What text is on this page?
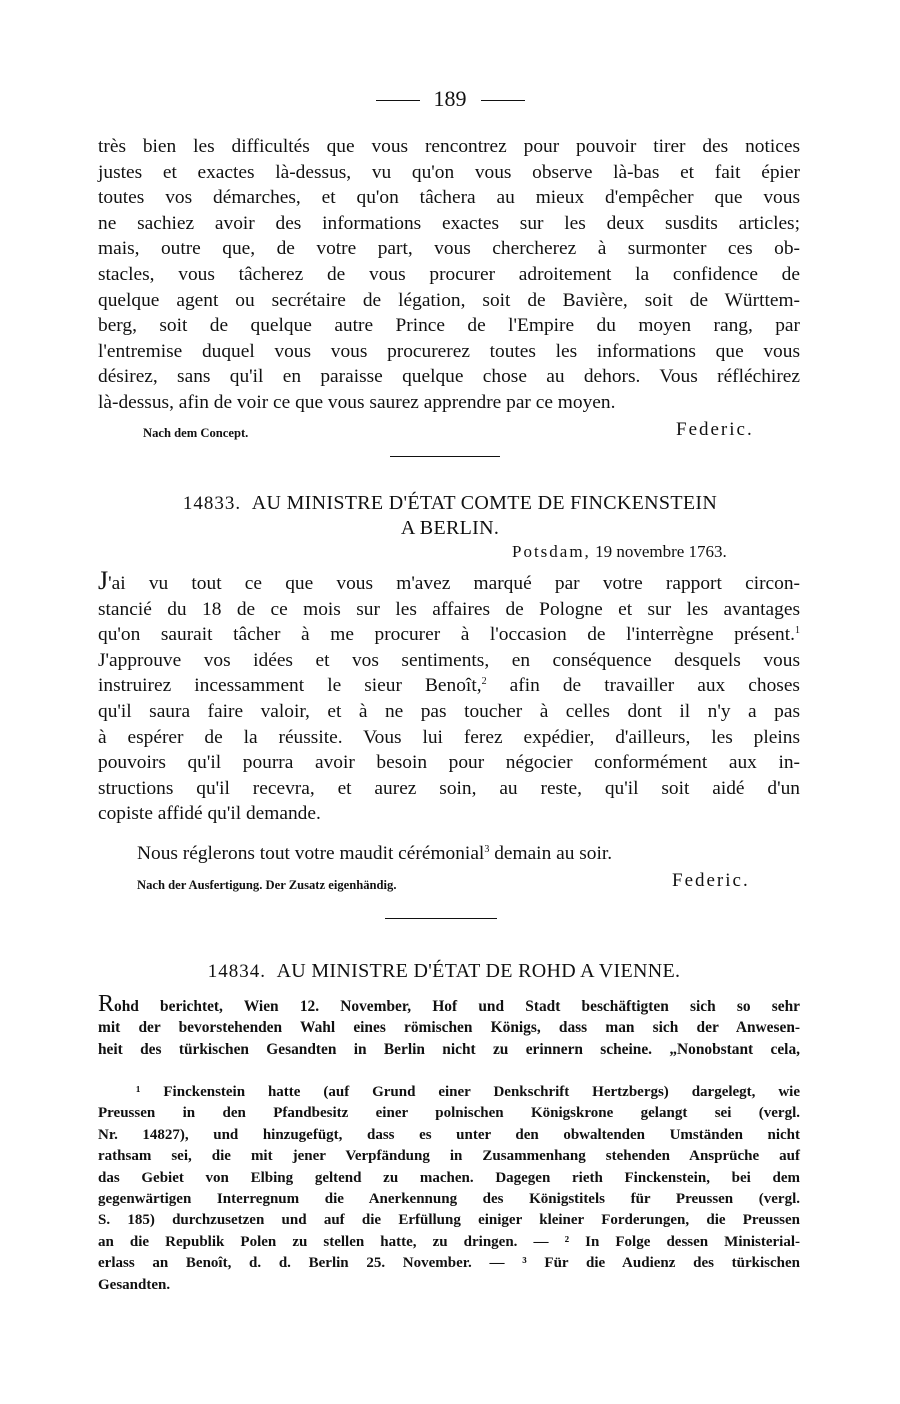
189
très bien les difficultés que vous rencontrez pour pouvoir tirer des notices
justes et exactes là-dessus, vu qu'on vous observe là-bas et fait épier
toutes vos démarches, et qu'on tâchera au mieux d'empêcher que vous
ne sachiez avoir des informations exactes sur les deux susdits articles;
mais, outre que, de votre part, vous chercherez à surmonter ces ob-
stacles, vous tâcherez de vous procurer adroitement la confidence de
quelque agent ou secrétaire de légation, soit de Bavière, soit de Württem-
berg, soit de quelque autre Prince de l'Empire du moyen rang, par
l'entremise duquel vous vous procurerez toutes les informations que vous
désirez, sans qu'il en paraisse quelque chose au dehors. Vous réfléchirez
là-dessus, afin de voir ce que vous saurez apprendre par ce moyen.
Nach dem Concept.	Federic.
14833. AU MINISTRE D'ÉTAT COMTE DE FINCKENSTEIN
A BERLIN.
Potsdam, 19 novembre 1763.
J'ai vu tout ce que vous m'avez marqué par votre rapport circon-
stancié du 18 de ce mois sur les affaires de Pologne et sur les avantages
qu'on saurait tâcher à me procurer à l'occasion de l'interrègne présent.$^1$
J'approuve vos idées et vos sentiments, en conséquence desquels vous
instruirez incessamment le sieur Benoît,$^2$ afin de travailler aux choses
qu'il saura faire valoir, et à ne pas toucher à celles dont il n'y a pas
à espérer de la réussite. Vous lui ferez expédier, d'ailleurs, les pleins
pouvoirs qu'il pourra avoir besoin pour négocier conformément aux in-
structions qu'il recevra, et aurez soin, au reste, qu'il soit aidé d'un
copiste affidé qu'il demande.
Nous réglerons tout votre maudit cérémonial$^3$ demain au soir.
Nach der Ausfertigung. Der Zusatz eigenhändig.	Federic.
14834. AU MINISTRE D'ÉTAT DE ROHD A VIENNE.
Rohd berichtet, Wien 12. November, Hof und Stadt beschäftigten sich so sehr
mit der bevorstehenden Wahl eines römischen Königs, dass man sich der Anwesen-
heit des türkischen Gesandten in Berlin nicht zu erinnern scheine. „Nonobstant cela,
¹ Finckenstein hatte (auf Grund einer Denkschrift Hertzbergs) dargelegt, wie
Preussen in den Pfandbesitz einer polnischen Königskrone gelangt sei (vergl.
Nr. 14827), und hinzugefügt, dass es unter den obwaltenden Umständen nicht
rathsam sei, die mit jener Verpfändung in Zusammenhang stehenden Ansprüche auf
das Gebiet von Elbing geltend zu machen. Dagegen rieth Finckenstein, bei dem
gegenwärtigen Interregnum die Anerkennung des Königstitels für Preussen (vergl.
S. 185) durchzusetzen und auf die Erfüllung einiger kleiner Forderungen, die Preussen
an die Republik Polen zu stellen hatte, zu dringen. — ² In Folge dessen Ministerial-
erlass an Benoît, d. d. Berlin 25. November. — ³ Für die Audienz des türkischen
Gesandten.
